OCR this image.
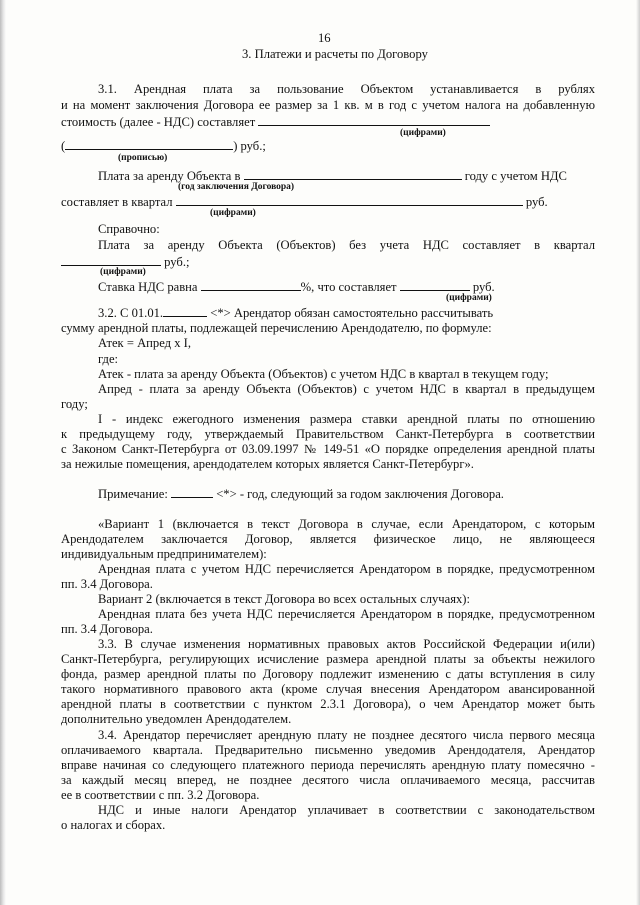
16
3. Платежи и расчеты по Договору
3.1. Арендная плата за пользование Объектом устанавливается в рублях
и на момент заключения Договора ее размер за 1 кв. м в год с учетом налога на добавленную
стоимость (далее - НДС) составляет
(цифрами)
(	) руб.;
(прописью)
Плата за аренду Объекта в	году с учетом НДС
(год заключения Договора)
составляет в квартал	руб.
(цифрами)
Справочно:
Плата за аренду Объекта (Объектов) без учета НДС составляет в квартал
руб.;
(цифрами)
Ставка НДС равна	%, что составляет	руб.
(цифрами)
3.2. С 01.01.	<*> Арендатор обязан самостоятельно рассчитывать
сумму арендной платы, подлежащей перечислению Арендодателю, по формуле:
Атек = Апред х I,
где:
Атек - плата за аренду Объекта (Объектов) с учетом НДС в квартал в текущем году;
Апред - плата за аренду Объекта (Объектов) с учетом НДС в квартал в предыдущем
году;
I - индекс ежегодного изменения размера ставки арендной платы по отношению
к предыдущему году, утверждаемый Правительством Санкт-Петербурга в соответствии
с Законом Санкт-Петербурга от 03.09.1997 № 149-51 «О порядке определения арендной платы
за нежилые помещения, арендодателем которых является Санкт-Петербург».
Примечание:	<*> - год, следующий за годом заключения Договора.
«Вариант 1 (включается в текст Договора в случае, если Арендатором, с которым
Арендодателем заключается Договор, является физическое лицо, не являющееся
индивидуальным предпринимателем):
Арендная плата с учетом НДС перечисляется Арендатором в порядке, предусмотренном
пп. 3.4 Договора.
Вариант 2 (включается в текст Договора во всех остальных случаях):
Арендная плата без учета НДС перечисляется Арендатором в порядке, предусмотренном
пп. 3.4 Договора.
3.3. В случае изменения нормативных правовых актов Российской Федерации и(или)
Санкт-Петербурга, регулирующих исчисление размера арендной платы за объекты нежилого
фонда, размер арендной платы по Договору подлежит изменению с даты вступления в силу
такого нормативного правового акта (кроме случая внесения Арендатором авансированной
арендной платы в соответствии с пунктом 2.3.1 Договора), о чем Арендатор может быть
дополнительно уведомлен Арендодателем.
3.4. Арендатор перечисляет арендную плату не позднее десятого числа первого месяца
оплачиваемого квартала. Предварительно письменно уведомив Арендодателя, Арендатор
вправе начиная со следующего платежного периода перечислять арендную плату помесячно -
за каждый месяц вперед, не позднее десятого числа оплачиваемого месяца, рассчитав
ее в соответствии с пп. 3.2 Договора.
НДС и иные налоги Арендатор уплачивает в соответствии с законодательством
о налогах и сборах.
